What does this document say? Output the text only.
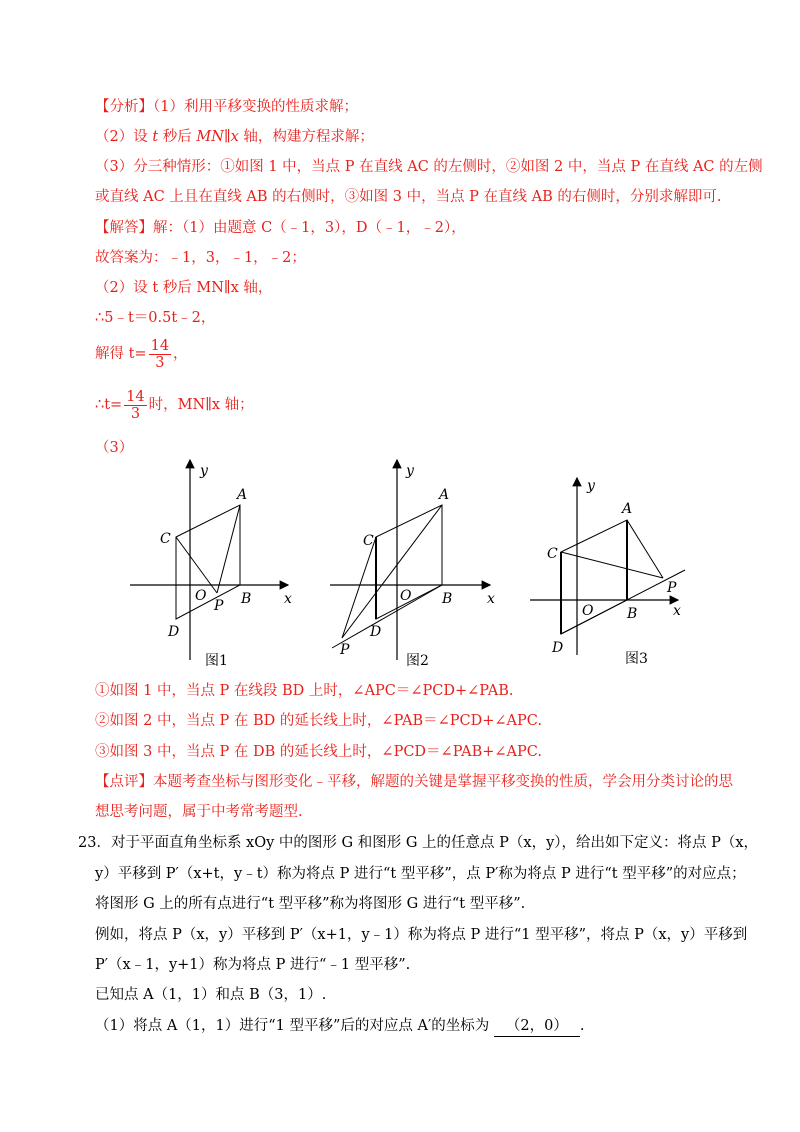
【分析】（1）利用平移变换的性质求解；
（2）设 t 秒后 MN∥x 轴，构建方程求解；
（3）分三种情形：①如图 1 中，当点 P 在直线 AC 的左侧时，②如图 2 中，当点 P 在直线 AC 的左侧
或直线 AC 上且在直线 AB 的右侧时，③如图 3 中，当点 P 在直线 AB 的右侧时，分别求解即可.
【解答】解：（1）由题意 C（﹣1，3），D（﹣1，﹣2），
故答案为：﹣1，3，﹣1，﹣2；
（2）设 t 秒后 MN∥x 轴，
∴5﹣t＝0.5t﹣2，
解得 $t= \frac{14}{3}$ ，
∴t= $\frac{14}{3}$ 时，MN∥x 轴；
（3）
y
A
C
O
P B x
D
图1
y
A
C
O B x
D
P
图2
y
A
C
P
O B	x
D
图3
①如图 1 中，当点 P 在线段 BD 上时，∠APC＝∠PCD+∠PAB.
②如图 2 中，当点 P 在 BD 的延长线上时，∠PAB＝∠PCD+∠APC.
③如图 3 中，当点 P 在 DB 的延长线上时，∠PCD＝∠PAB+∠APC.
【点评】本题考查坐标与图形变化﹣平移，解题的关键是掌握平移变换的性质，学会用分类讨论的思
想思考问题，属于中考常考题型.
23．对于平面直角坐标系 xOy 中的图形 G 和图形 G 上的任意点 P（x，y），给出如下定义：将点 P（x，
y）平移到 P′（x+t，y﹣t）称为将点 P 进行“t 型平移”，点 P′称为将点 P 进行“t 型平移”的对应点；
将图形 G 上的所有点进行“t 型平移”称为将图形 G 进行“t 型平移”.
例如，将点 P（x，y）平移到 P′（x+1，y﹣1）称为将点 P 进行“1 型平移”，将点 P（x，y）平移到
P′（x﹣1，y+1）称为将点 P 进行“﹣1 型平移”.
已知点 A（1，1）和点 B（3，1）.
（1）将点 A（1，1）进行“1 型平移”后的对应点 A′的坐标为 （2，0） .
